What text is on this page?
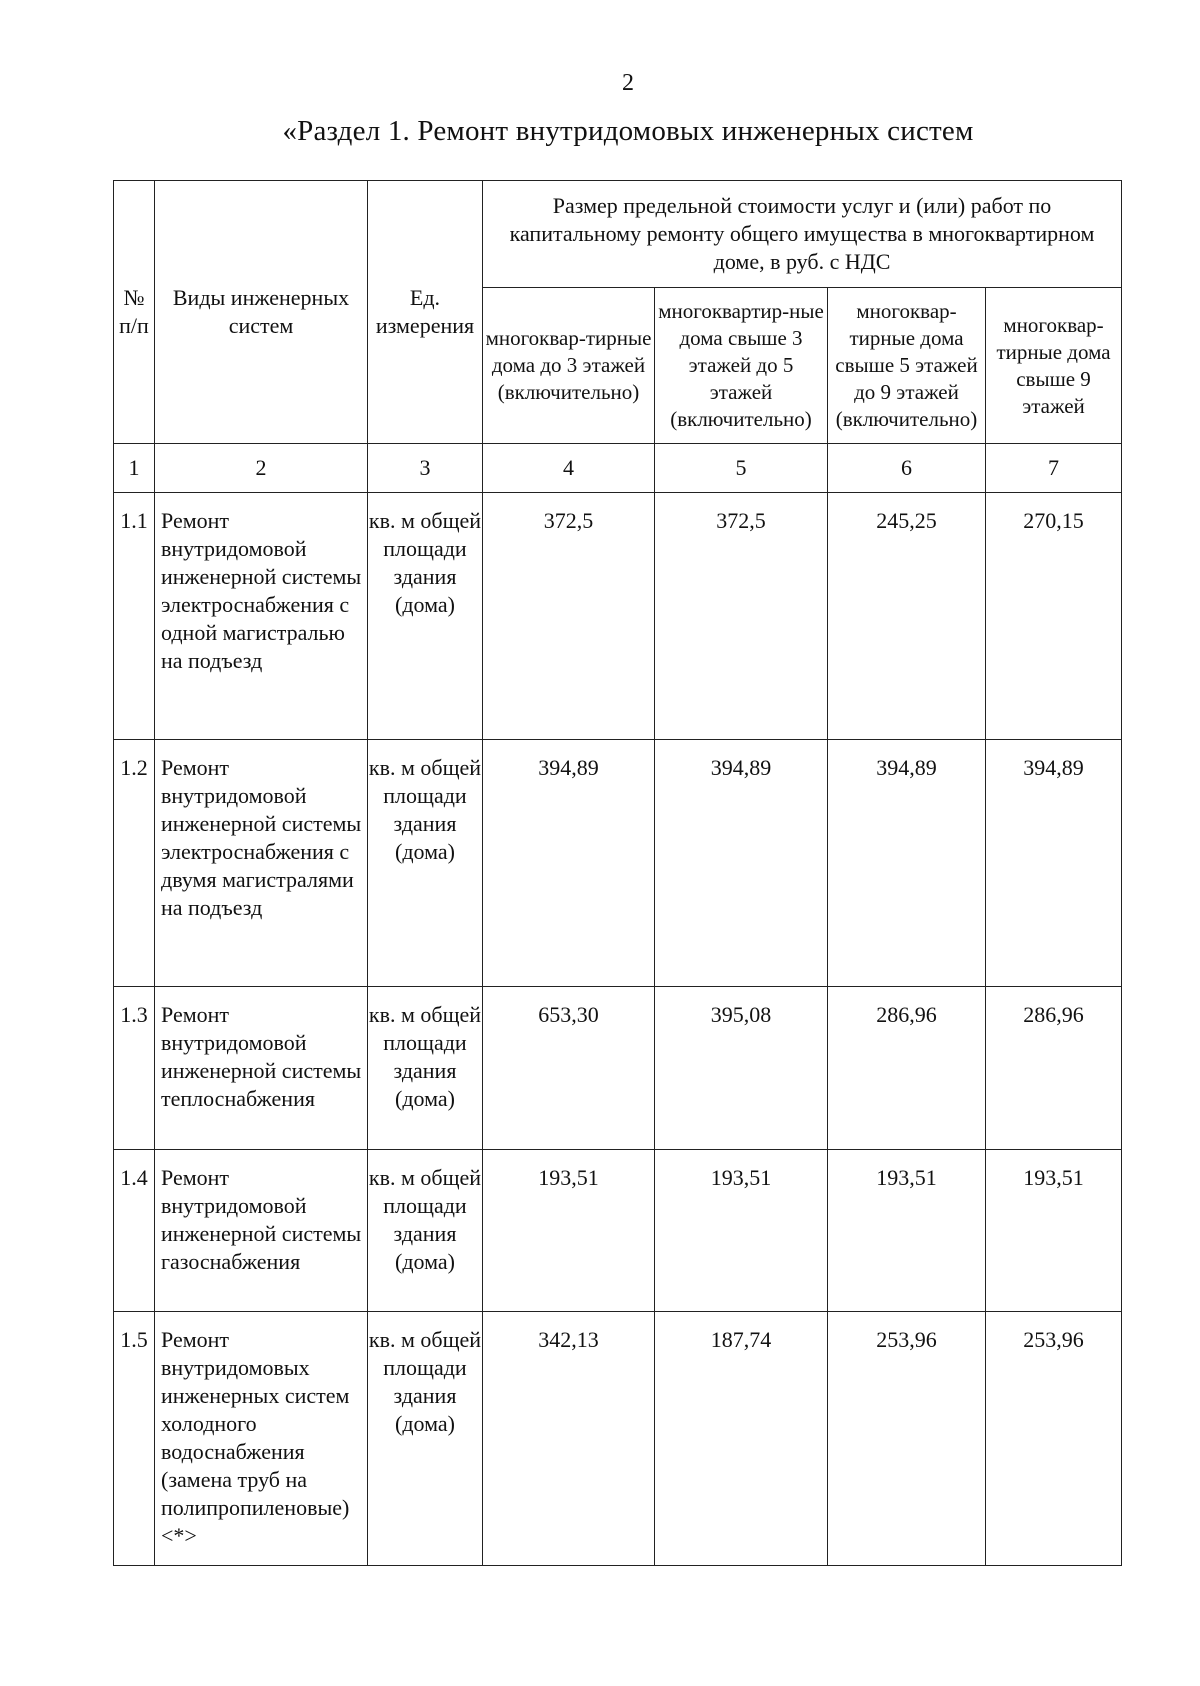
2
«Раздел 1. Ремонт внутридомовых инженерных систем
№ п/п	Виды инженерных систем	Ед. измерения	Размер предельной стоимости услуг и (или) работ по капитальному ремонту общего имущества в многоквартирном доме, в руб. с НДС			
			многоквар-тирные дома до 3 этажей (включительно)	многоквартир-ные дома свыше 3 этажей до 5 этажей (включительно)	многоквар-тирные дома свыше 5 этажей до 9 этажей (включительно)	многоквар-тирные дома свыше 9 этажей
1	2	3	4	5	6	7
1.1	Ремонт внутридомовой инженерной системы электроснабжения с одной магистралью на подъезд	кв. м общей площади здания (дома)	372,5	372,5	245,25	270,15
1.2	Ремонт внутридомовой инженерной системы электроснабжения с двумя магистралями на подъезд	кв. м общей площади здания (дома)	394,89	394,89	394,89	394,89
1.3	Ремонт внутридомовой инженерной системы теплоснабжения	кв. м общей площади здания (дома)	653,30	395,08	286,96	286,96
1.4	Ремонт внутридомовой инженерной системы газоснабжения	кв. м общей площади здания (дома)	193,51	193,51	193,51	193,51
1.5	Ремонт внутридомовых инженерных систем холодного водоснабжения (замена труб на полипропиленовые) <*>	кв. м общей площади здания (дома)	342,13	187,74	253,96	253,96
